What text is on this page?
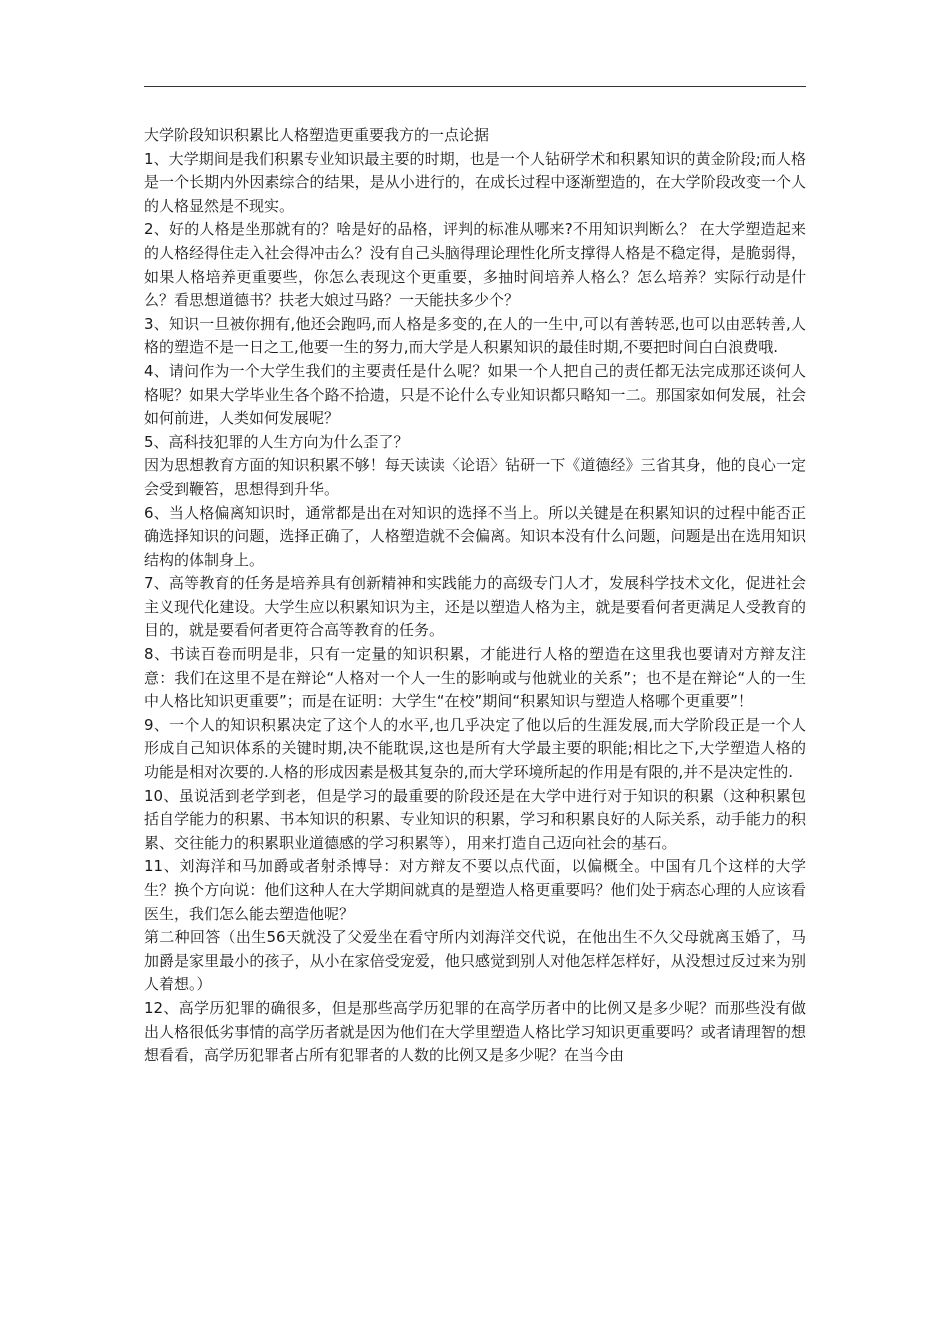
大学阶段知识积累比人格塑造更重要我方的一点论据

1、大学期间是我们积累专业知识最主要的时期，也是一个人钻研学术和积累知识的黄金阶段;而人格是一个长期内外因素综合的结果，是从小进行的，在成长过程中逐渐塑造的，在大学阶段改变一个人的人格显然是不现实。

2、好的人格是坐那就有的？啥是好的品格，评判的标准从哪来?不用知识判断么？ 在大学塑造起来的人格经得住走入社会得冲击么？没有自己头脑得理论理性化所支撑得人格是不稳定得，是脆弱得，如果人格培养更重要些，你怎么表现这个更重要，多抽时间培养人格么？怎么培养？实际行动是什么？看思想道德书？扶老大娘过马路？一天能扶多少个？

3、知识一旦被你拥有,他还会跑吗,而人格是多变的,在人的一生中,可以有善转恶,也可以由恶转善,人格的塑造不是一日之工,他要一生的努力,而大学是人积累知识的最佳时期,不要把时间白白浪费哦.

4、请问作为一个大学生我们的主要责任是什么呢？如果一个人把自己的责任都无法完成那还谈何人格呢？如果大学毕业生各个路不拾遗，只是不论什么专业知识都只略知一二。那国家如何发展，社会如何前进，人类如何发展呢？

5、高科技犯罪的人生方向为什么歪了？

因为思想教育方面的知识积累不够！每天读读〈论语〉钻研一下《道德经》三省其身，他的良心一定会受到鞭笞，思想得到升华。

6、当人格偏离知识时，通常都是出在对知识的选择不当上。所以关键是在积累知识的过程中能否正确选择知识的问题，选择正确了，人格塑造就不会偏离。知识本没有什么问题，问题是出在选用知识结构的体制身上。

7、高等教育的任务是培养具有创新精神和实践能力的高级专门人才，发展科学技术文化，促进社会主义现代化建设。大学生应以积累知识为主，还是以塑造人格为主，就是要看何者更满足人受教育的目的，就是要看何者更符合高等教育的任务。

8、书读百卷而明是非，只有一定量的知识积累，才能进行人格的塑造在这里我也要请对方辩友注意：我们在这里不是在辩论“人格对一个人一生的影响或与他就业的关系”；也不是在辩论“人的一生中人格比知识更重要”；而是在证明：大学生“在校”期间“积累知识与塑造人格哪个更重要”！

9、一个人的知识积累决定了这个人的水平,也几乎决定了他以后的生涯发展,而大学阶段正是一个人形成自己知识体系的关键时期,决不能耽误,这也是所有大学最主要的职能;相比之下,大学塑造人格的功能是相对次要的.人格的形成因素是极其复杂的,而大学环境所起的作用是有限的,并不是决定性的.

10、虽说活到老学到老，但是学习的最重要的阶段还是在大学中进行对于知识的积累（这种积累包括自学能力的积累、书本知识的积累、专业知识的积累，学习和积累良好的人际关系，动手能力的积累、交往能力的积累职业道德感的学习积累等），用来打造自己迈向社会的基石。

11、刘海洋和马加爵或者射杀博导：对方辩友不要以点代面，以偏概全。中国有几个这样的大学生？换个方向说：他们这种人在大学期间就真的是塑造人格更重要吗？他们处于病态心理的人应该看医生，我们怎么能去塑造他呢？

第二种回答（出生56天就没了父爱坐在看守所内刘海洋交代说，在他出生不久父母就离玉婚了，马加爵是家里最小的孩子，从小在家倍受宠爱，他只感觉到别人对他怎样怎样好，从没想过反过来为别人着想。）

12、高学历犯罪的确很多，但是那些高学历犯罪的在高学历者中的比例又是多少呢？而那些没有做出人格很低劣事情的高学历者就是因为他们在大学里塑造人格比学习知识更重要吗？或者请理智的想想看看，高学历犯罪者占所有犯罪者的人数的比例又是多少呢？在当今由
